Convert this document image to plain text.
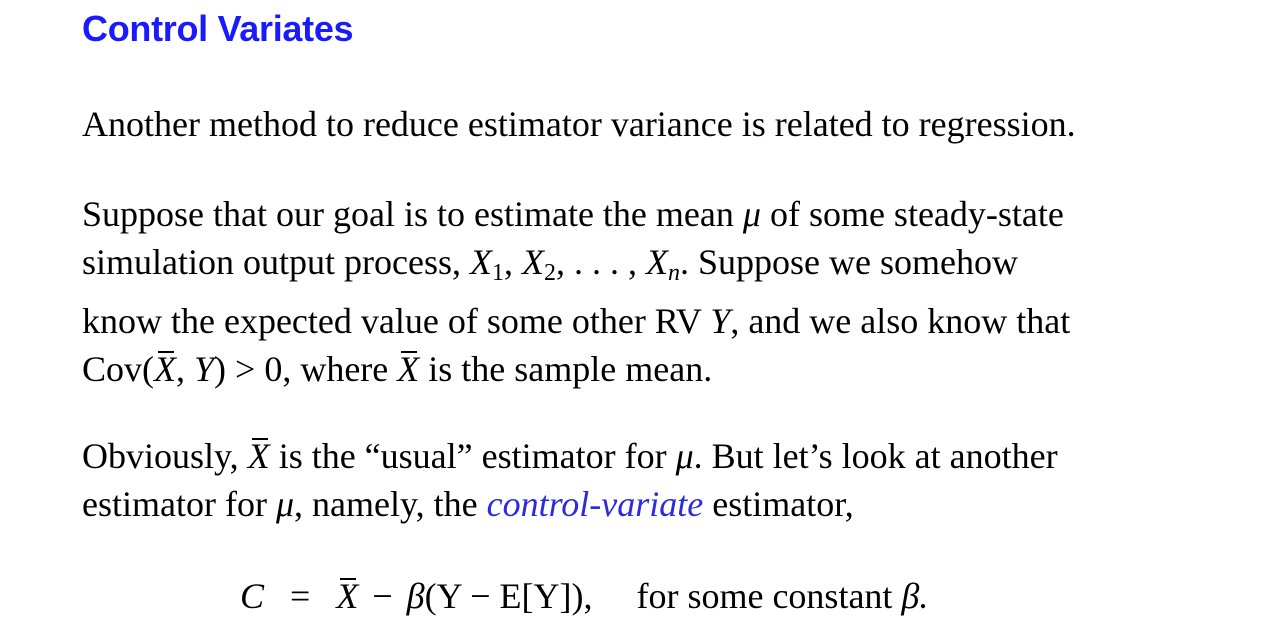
Control Variates
Another method to reduce estimator variance is related to regression.
Suppose that our goal is to estimate the mean μ of some steady-state
simulation output process, $X_1$, $X_2$, . . . , Xn. Suppose we somehow
know the expected value of some other RV Y, and we also know that
Cov(X, Y) > 0, where X is the sample mean.
Obviously, X is the “usual” estimator for μ. But let’s look at another
estimator for μ, namely, the control-variate estimator,
C = X − β(Y − E[Y]), for some constant β.
